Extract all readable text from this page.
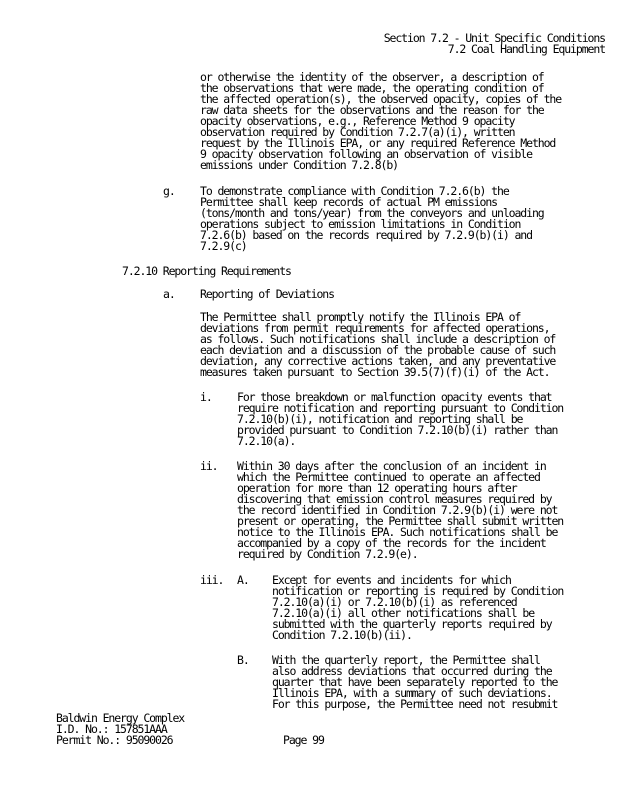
Section 7.2 - Unit Specific Conditions
7.2 Coal Handling Equipment
or otherwise the identity of the observer, a description of
the observations that were made, the operating condition of
the affected operation(s), the observed opacity, copies of the
raw data sheets for the observations and the reason for the
opacity observations, e.g., Reference Method 9 opacity
observation required by Condition 7.2.7(a)(i), written
request by the Illinois EPA, or any required Reference Method
9 opacity observation following an observation of visible
emissions under Condition 7.2.8(b)
g. To demonstrate compliance with Condition 7.2.6(b) the
Permittee shall keep records of actual PM emissions
(tons/month and tons/year) from the conveyors and unloading
operations subject to emission limitations in Condition
7.2.6(b) based on the records required by 7.2.9(b)(i) and
7.2.9(c)
7.2.10 Reporting Requirements
a. Reporting of Deviations
The Permittee shall promptly notify the Illinois EPA of
deviations from permit requirements for affected operations,
as follows. Such notifications shall include a description of
each deviation and a discussion of the probable cause of such
deviation, any corrective actions taken, and any preventative
measures taken pursuant to Section 39.5(7)(f)(i) of the Act.
i. For those breakdown or malfunction opacity events that
require notification and reporting pursuant to Condition
7.2.10(b)(i), notification and reporting shall be
provided pursuant to Condition 7.2.10(b)(i) rather than
7.2.10(a).
ii. Within 30 days after the conclusion of an incident in
which the Permittee continued to operate an affected
operation for more than 12 operating hours after
discovering that emission control measures required by
the record identified in Condition 7.2.9(b)(i) were not
present or operating, the Permittee shall submit written
notice to the Illinois EPA. Such notifications shall be
accompanied by a copy of the records for the incident
required by Condition 7.2.9(e).
iii. A. Except for events and incidents for which
notification or reporting is required by Condition
7.2.10(a)(i) or 7.2.10(b)(i) as referenced
7.2.10(a)(i) all other notifications shall be
submitted with the quarterly reports required by
Condition 7.2.10(b)(ii).
B. With the quarterly report, the Permittee shall
also address deviations that occurred during the
quarter that have been separately reported to the
Illinois EPA, with a summary of such deviations.
For this purpose, the Permittee need not resubmit
Baldwin Energy Complex
I.D. No.: 157851AAA
Permit No.: 95090026	Page 99
